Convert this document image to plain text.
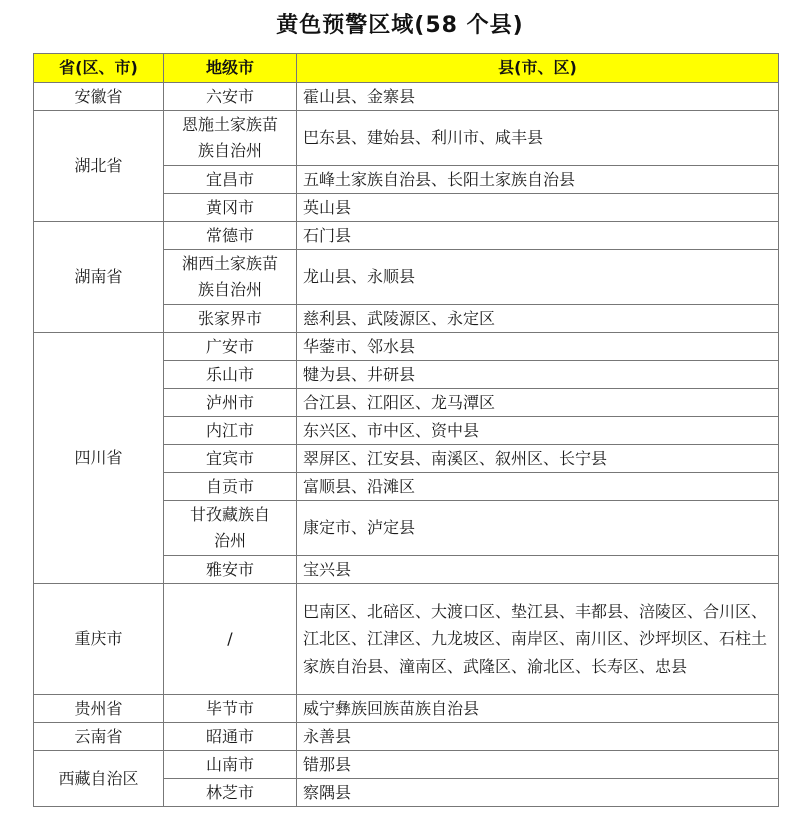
黄色预警区域(58 个县)
省(区、市)	地级市	县(市、区)
安徽省	六安市	霍山县、金寨县
湖北省	恩施土家族苗族自治州	巴东县、建始县、利川市、咸丰县
	宜昌市	五峰土家族自治县、长阳土家族自治县
	黄冈市	英山县
湖南省	常德市	石门县
	湘西土家族苗族自治州	龙山县、永顺县
	张家界市	慈利县、武陵源区、永定区
四川省	广安市	华蓥市、邻水县
	乐山市	犍为县、井研县
	泸州市	合江县、江阳区、龙马潭区
	内江市	东兴区、市中区、资中县
	宜宾市	翠屏区、江安县、南溪区、叙州区、长宁县
	自贡市	富顺县、沿滩区
	甘孜藏族自治州	康定市、泸定县
	雅安市	宝兴县
重庆市	/	巴南区、北碚区、大渡口区、垫江县、丰都县、涪陵区、合川区、江北区、江津区、九龙坡区、南岸区、南川区、沙坪坝区、石柱土家族自治县、潼南区、武隆区、渝北区、长寿区、忠县
贵州省	毕节市	威宁彝族回族苗族自治县
云南省	昭通市	永善县
西藏自治区	山南市	错那县
	林芝市	察隅县
